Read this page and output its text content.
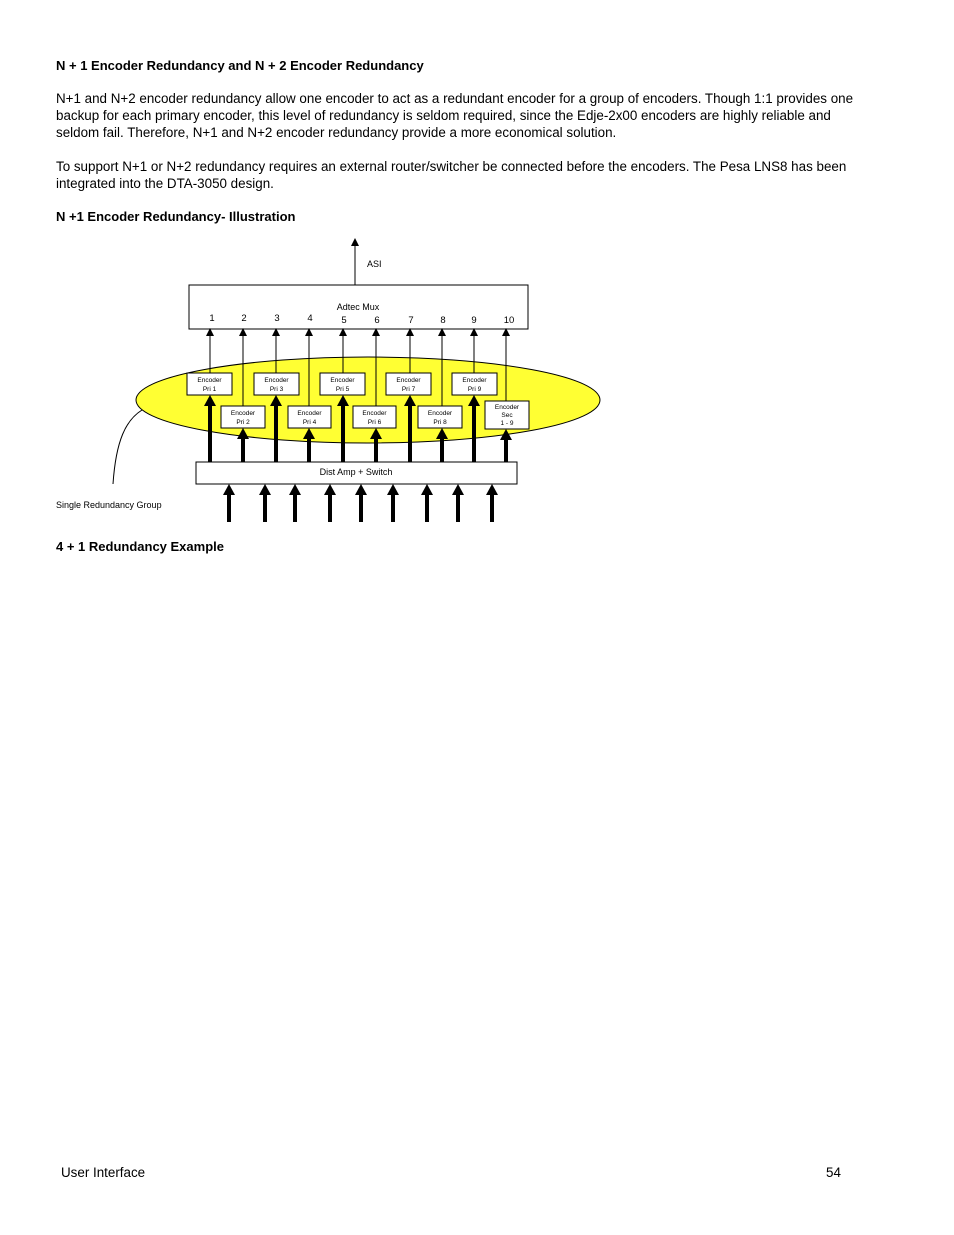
N + 1 Encoder Redundancy and N + 2 Encoder Redundancy

N+1 and N+2 encoder redundancy allow one encoder to act as a redundant encoder for a group of encoders. Though 1:1 provides one backup for each primary encoder, this level of redundancy is seldom required, since the Edje-2x00 encoders are highly reliable and seldom fail. Therefore, N+1 and N+2 encoder redundancy provide a more economical solution.

To support N+1 or N+2 redundancy requires an external router/switcher be connected before the encoders. The Pesa LNS8 has been integrated into the DTA-3050 design.

N +1 Encoder Redundancy- Illustration
ASI
Adtec Mux
1	2	3	4	5	6	7	8	9	10
Encoder
Pri 1
Encoder
Pri 3
Encoder
Pri 5
Encoder
Pri 7
Encoder
Pri 9
Encoder
Pri 2
Encoder
Pri 4
Encoder
Pri 6
Encoder
Pri 8
Encoder
Sec
1 - 9
Dist Amp + Switch
Single Redundancy Group
4 + 1 Redundancy Example
User Interface	54
